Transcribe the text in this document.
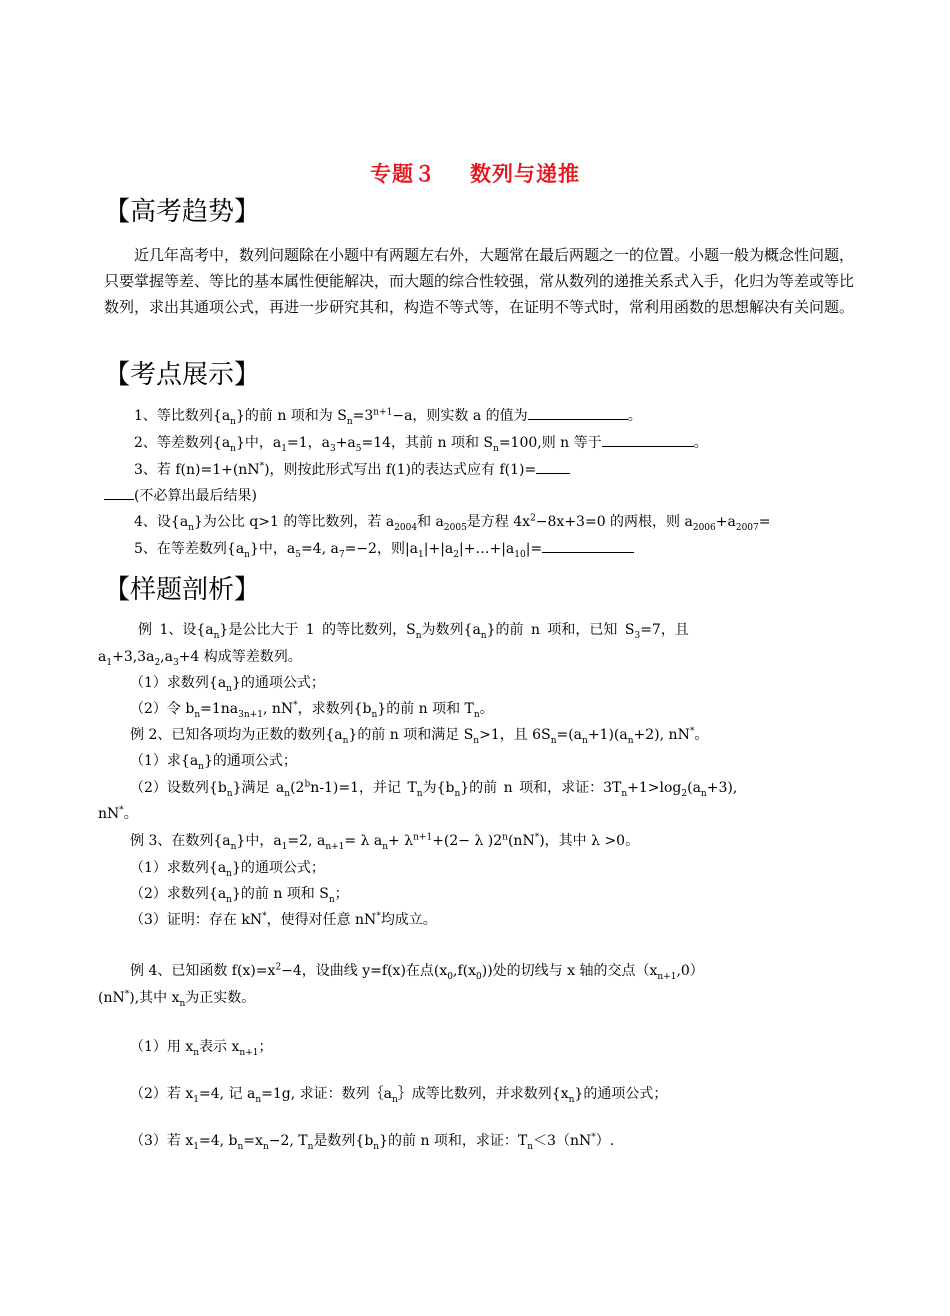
专题３ 数列与递推
【高考趋势】
近几年高考中，数列问题除在小题中有两题左右外，大题常在最后两题之一的位置。小题一般为概念性问题，只要掌握等差、等比的基本属性便能解决，而大题的综合性较强，常从数列的递推关系式入手，化归为等差或等比数列，求出其通项公式，再进一步研究其和，构造不等式等，在证明不等式时，常利用函数的思想解决有关问题。
【考点展示】
1、等比数列$\{a_n\}$的前 n 项和为 $S_n=3^{n+1}-a$，则实数 a 的值为	。
2、等差数列$\{a_n\}$中，$a_1=1$，$a_3+a_5=14$，其前 n 项和 $S_n=100$,则 n 等于	。
3、若 f(n)=1+(nN*)，则按此形式写出 f(1)的表达式应有 f(1)=
(不必算出最后结果)
4、设$\{a_n\}$为公比 q>1 的等比数列，若 $a_{2004}$和 $a_{2005}$是方程 $4x^2-8x+3=0$ 的两根，则 $a_{2006}+a_{2007}=$
5、在等差数列$\{a_n\}$中，$a_5=4$, $a_7=-2$，则$|a_1|+|a_2|+\dots+|a_{10}|=$
【样题剖析】
例 1、设$\{a_n\}$是公比大于 1 的等比数列，$S_n$为数列$\{a_n\}$的前 n 项和，已知 $S_3=7$，且
$a_1+3,3a_2,a_3+4$ 构成等差数列。
（1）求数列$\{a_n\}$的通项公式；
（2）令 $b_n=1na_{3n+1}$, nN*，求数列$\{b_n\}$的前 n 项和 $T_n$。
例 2、已知各项均为正数的数列$\{a_n\}$的前 n 项和满足 $S_n>1$，且 $6S_n=(a_n+1)(a_n+2)$, nN*。
（1）求$\{a_n\}$的通项公式；
（2）设数列$\{b_n\}$满足 $a_n(2^bn-1)=1$，并记 $T_n$为$\{b_n\}$的前 n 项和，求证：$3T_n+1>\log_2(a_n+3)$,
nN*。
例 3、在数列$\{a_n\}$中，$a_1=2$, $a_{n+1}= \lambda$ $a_n+ \lambda^{n+1}+(2- \lambda$ )2$^n$(nN*)，其中 λ >0。
（1）求数列$\{a_n\}$的通项公式；
（2）求数列$\{a_n\}$的前 n 项和 $S_n$；
（3）证明：存在 kN*，使得对任意 nN*均成立。
例 4、已知函数 $f(x)=x^2-4$，设曲线 y=f(x)在点$(x_0,f(x_0))$处的切线与 x 轴的交点$(x_{n+1},0)$
(nN*),其中 $x_n$为正实数。
（1）用 $x_n$表示 $x_{n+1}$；
（2）若 $x_1=4$, 记 $a_n=1g$, 求证：数列$\{a_n\}$成等比数列，并求数列$\{x_n\}$的通项公式；
（3）若 $x_1=4$, $b_n=x_n-2$, $T_n$是数列$\{b_n\}$的前 n 项和，求证：$T_n<3(nN^*)$.
